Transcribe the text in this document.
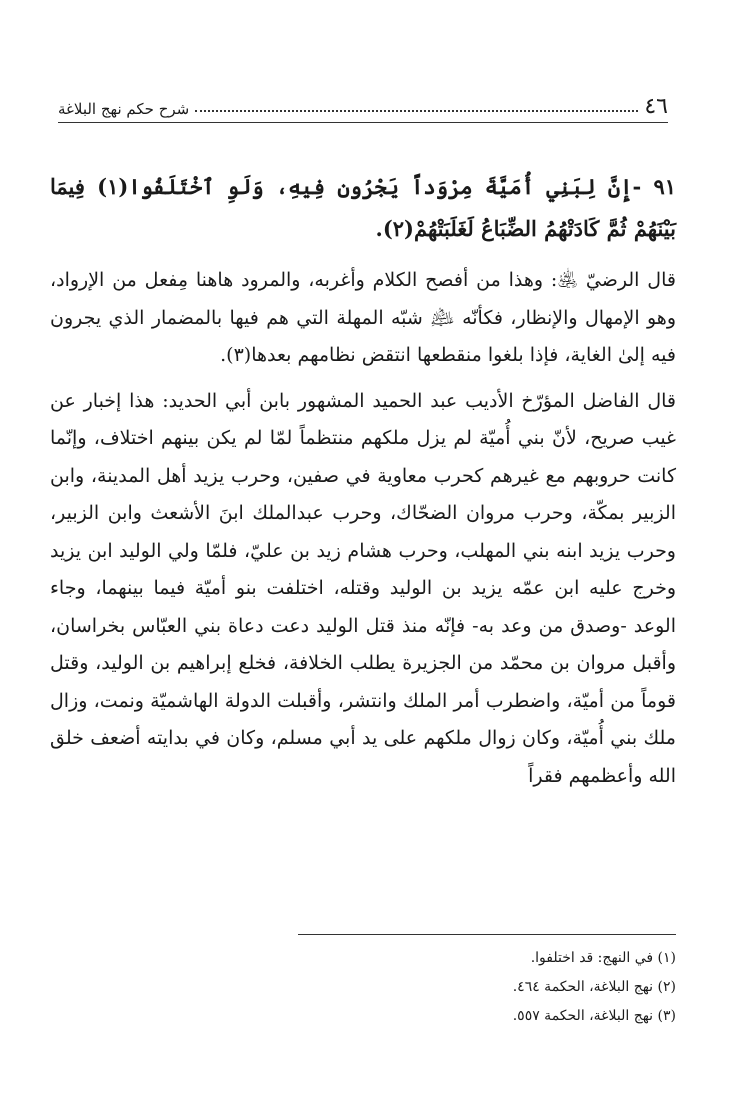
٤٦
شرح حكم نهج البلاغة

٩١ -إِنَّ لِبَنِي أُمَيَّةَ مِرْوَداً يَجْرُون فِيهِ، وَلَوِ ٱخْتَلَفُوا(١) فِيمَا بَيْنَهُمْ ثُمَّ كَادَتْهُمُ الضِّبَاعُ لَغَلَبَتْهُمْ(٢).

قال الرضيّ ﵁: وهذا من أفصح الكلام وأغربه، والمرود هاهنا مِفعل من الإرواد، وهو الإمهال والإنظار، فكأنّه ﵇ شبّه المهلة التي هم فيها بالمضمار الذي يجرون فيه إلىٰ الغاية، فإذا بلغوا منقطعها انتقض نظامهم بعدها(٣).

قال الفاضل المؤرّخ الأديب عبد الحميد المشهور بابن أبي الحديد: هذا إخبار عن غيب صريح، لأنّ بني أُميّة لم يزل ملكهم منتظماً لمّا لم يكن بينهم اختلاف، وإنّما كانت حروبهم مع غيرهم كحرب معاوية في صفين، وحرب يزيد أهل المدينة، وابن الزبير بمكّة، وحرب مروان الضحّاك، وحرب عبدالملك ابنَ الأشعث وابن الزبير، وحرب يزيد ابنه بني المهلب، وحرب هشام زيد بن عليّ، فلمّا ولي الوليد ابن يزيد وخرج عليه ابن عمّه يزيد بن الوليد وقتله، اختلفت بنو أميّة فيما بينهما، وجاء الوعد -وصدق من وعد به- فإنّه منذ قتل الوليد دعت دعاة بني العبّاس بخراسان، وأقبل مروان بن محمّد من الجزيرة يطلب الخلافة، فخلع إبراهيم بن الوليد، وقتل قوماً من أميّة، واضطرب أمر الملك وانتشر، وأقبلت الدولة الهاشميّة ونمت، وزال ملك بني أُميّة، وكان زوال ملكهم على يد أبي مسلم، وكان في بدايته أضعف خلق الله وأعظمهم فقراً

(١) في النهج: قد اختلفوا.
(٢) نهج البلاغة، الحكمة ٤٦٤.
(٣) نهج البلاغة، الحكمة ٥٥٧.
